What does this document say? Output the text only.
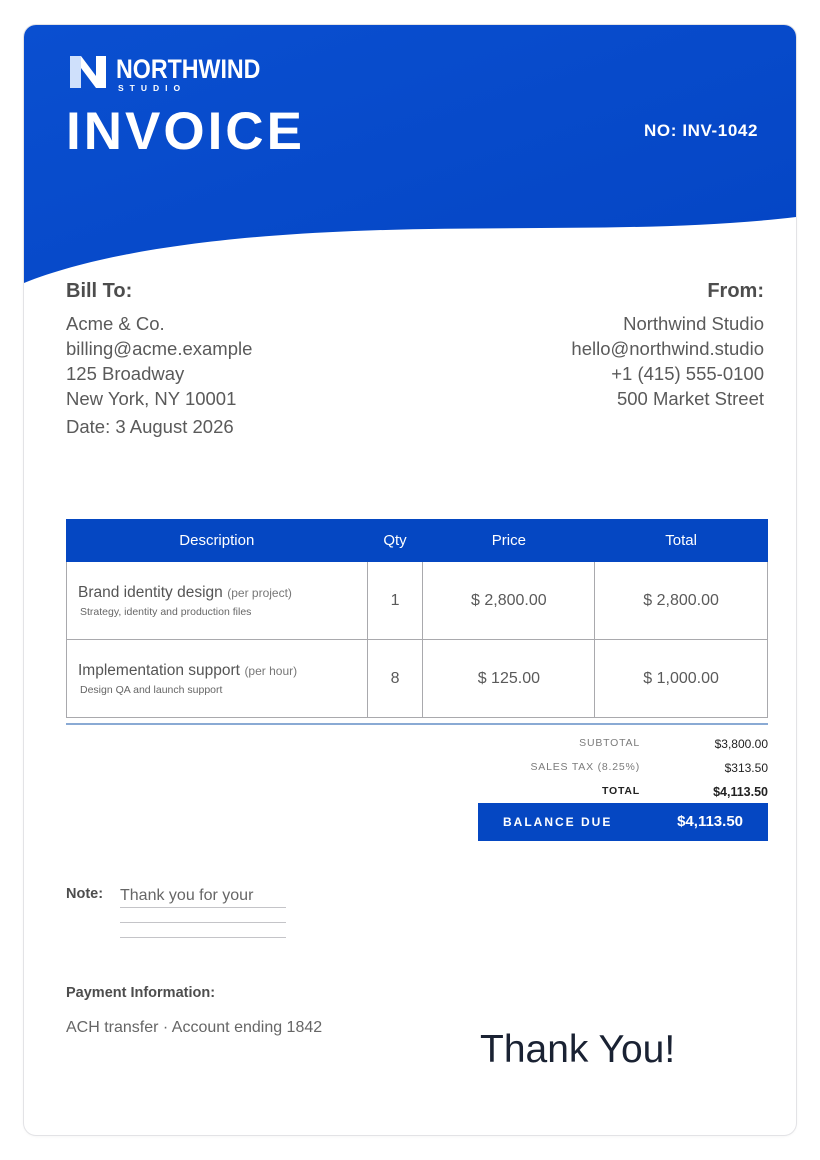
NORTHWIND
STUDIO
INVOICE	NO: INV-1042
Bill To:
Acme & Co.
billing@acme.example
125 Broadway
New York, NY 10001
Date: 3 August 2026
From:
Northwind Studio
hello@northwind.studio
+1 (415) 555-0100
500 Market Street
Description	Qty	Price	Total
Brand identity design (per project)
Strategy, identity and production files	1	$ 2,800.00	$ 2,800.00
Implementation support (per hour)
Design QA and launch support	8	$ 125.00	$ 1,000.00
SUBTOTAL	$3,800.00
SALES TAX (8.25%)	$313.50
TOTAL	$4,113.50
BALANCE DUE	$4,113.50
Note: Thank you for your
Payment Information:
ACH transfer · Account ending 1842
Thank You!
